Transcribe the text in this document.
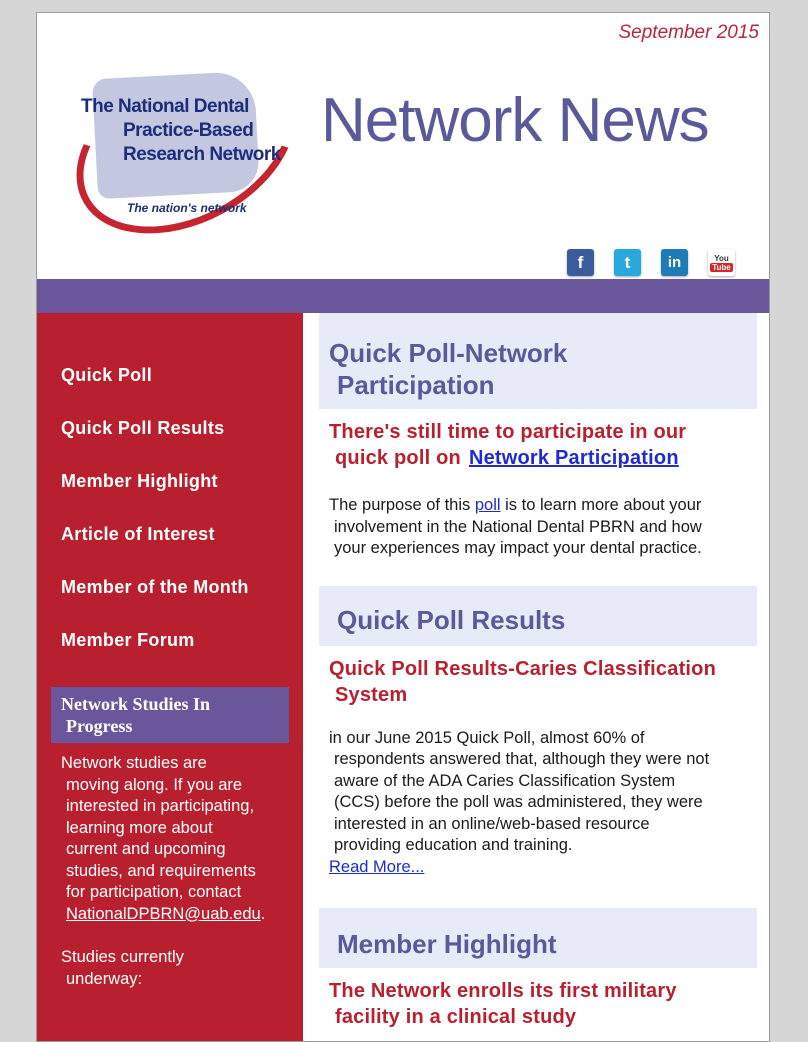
September 2015
The National Dental
Practice-Based
Research Network
The nation's network
Network News
f	t	in	You
Tube
Quick Poll
Quick Poll Results
Member Highlight
Article of Interest
Member of the Month
Member Forum
Network Studies In
Progress

Network studies are

moving along. If you are

interested in participating,

learning more about

current and upcoming

studies, and requirements

for participation, contact

NationalDPBRN@uab.edu.

Studies currently

underway:

Quick Poll-Network
Participation
There's still time to participate in our
quick poll on Network Participation
The purpose of this poll is to learn more about your
involvement in the National Dental PBRN and how
your experiences may impact your dental practice.
Quick Poll Results
Quick Poll Results-Caries Classification
System
in our June 2015 Quick Poll, almost 60% of
respondents answered that, although they were not
aware of the ADA Caries Classification System
(CCS) before the poll was administered, they were
interested in an online/web-based resource
providing education and training.
Read More...
Member Highlight
The Network enrolls its first military
facility in a clinical study
